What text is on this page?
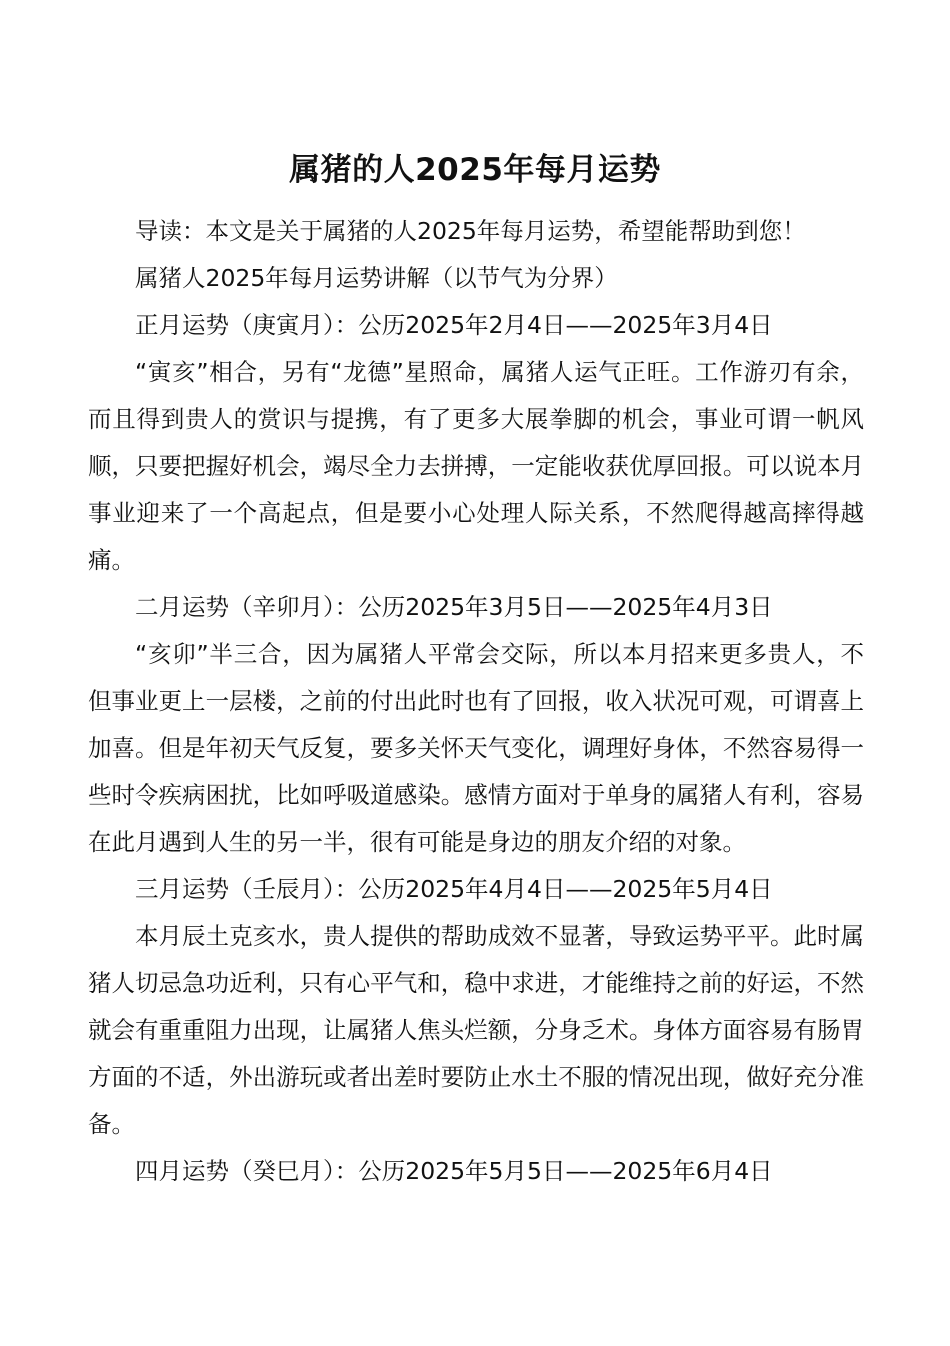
属猪的人2025年每月运势

导读：本文是关于属猪的人2025年每月运势，希望能帮助到您！

属猪人2025年每月运势讲解（以节气为分界）

正月运势（庚寅月）：公历2025年2月4日——2025年3月4日

“寅亥”相合，另有“龙德”星照命，属猪人运气正旺。工作游刃有余，而且得到贵人的赏识与提携，有了更多大展拳脚的机会，事业可谓一帆风顺，只要把握好机会，竭尽全力去拼搏，一定能收获优厚回报。可以说本月事业迎来了一个高起点，但是要小心处理人际关系，不然爬得越高摔得越痛。

二月运势（辛卯月）：公历2025年3月5日——2025年4月3日

“亥卯”半三合，因为属猪人平常会交际，所以本月招来更多贵人，不但事业更上一层楼，之前的付出此时也有了回报，收入状况可观，可谓喜上加喜。但是年初天气反复，要多关怀天气变化，调理好身体，不然容易得一些时令疾病困扰，比如呼吸道感染。感情方面对于单身的属猪人有利，容易在此月遇到人生的另一半，很有可能是身边的朋友介绍的对象。

三月运势（壬辰月）：公历2025年4月4日——2025年5月4日

本月辰土克亥水，贵人提供的帮助成效不显著，导致运势平平。此时属猪人切忌急功近利，只有心平气和，稳中求进，才能维持之前的好运，不然就会有重重阻力出现，让属猪人焦头烂额，分身乏术。身体方面容易有肠胃方面的不适，外出游玩或者出差时要防止水土不服的情况出现，做好充分准备。

四月运势（癸巳月）：公历2025年5月5日——2025年6月4日
